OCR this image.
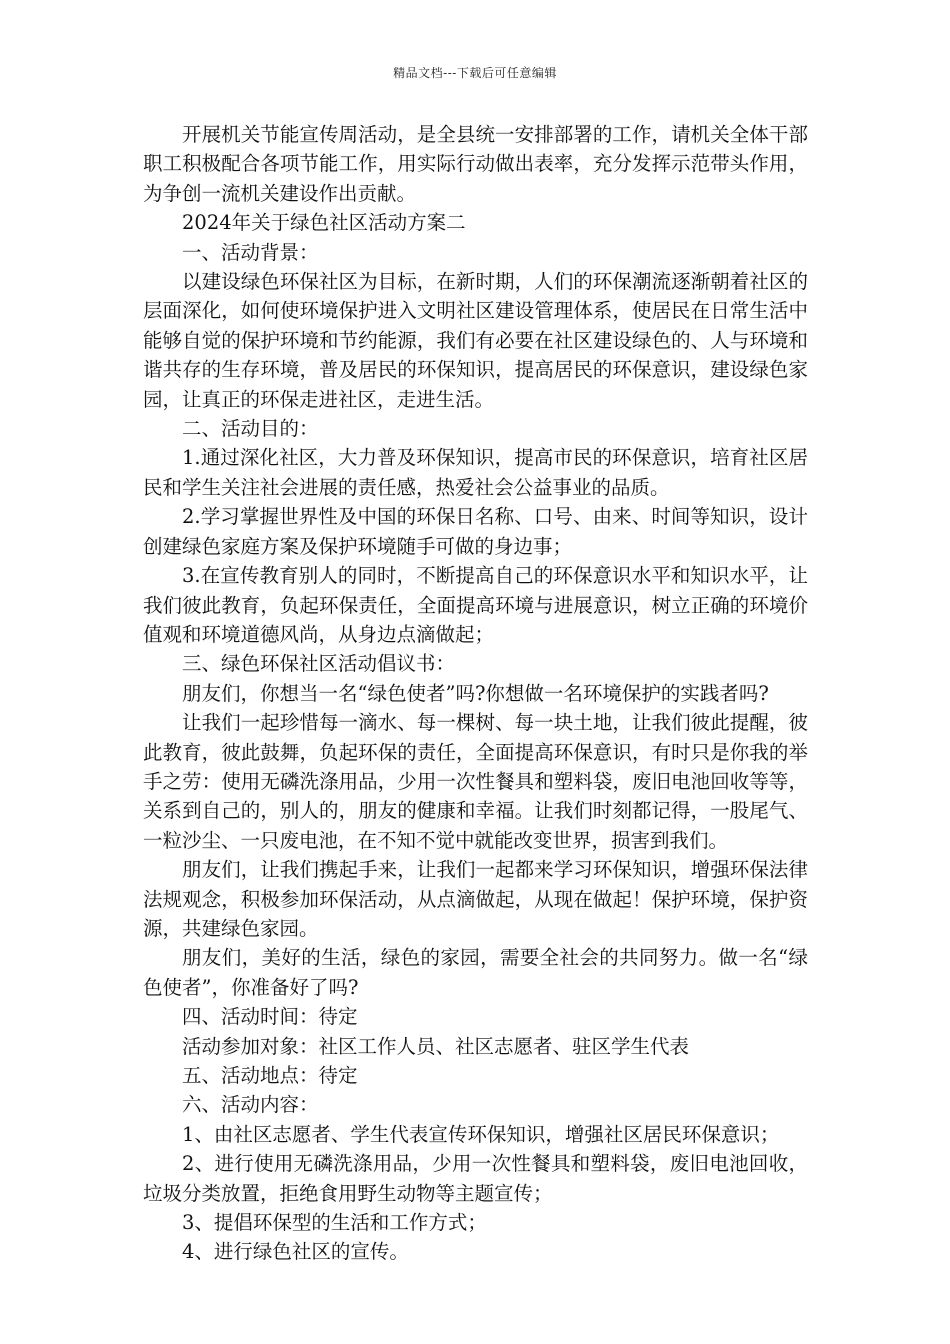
精品文档---下载后可任意编辑

开展机关节能宣传周活动，是全县统一安排部署的工作，请机关全体干部职工积极配合各项节能工作，用实际行动做出表率，充分发挥示范带头作用，为争创一流机关建设作出贡献。

2024年关于绿色社区活动方案二

一、活动背景：

以建设绿色环保社区为目标，在新时期，人们的环保潮流逐渐朝着社区的层面深化，如何使环境保护进入文明社区建设管理体系，使居民在日常生活中能够自觉的保护环境和节约能源，我们有必要在社区建设绿色的、人与环境和谐共存的生存环境，普及居民的环保知识，提高居民的环保意识，建设绿色家园，让真正的环保走进社区，走进生活。

二、活动目的：

1.通过深化社区，大力普及环保知识，提高市民的环保意识，培育社区居民和学生关注社会进展的责任感，热爱社会公益事业的品质。

2.学习掌握世界性及中国的环保日名称、口号、由来、时间等知识，设计创建绿色家庭方案及保护环境随手可做的身边事；

3.在宣传教育别人的同时，不断提高自己的环保意识水平和知识水平，让我们彼此教育，负起环保责任，全面提高环境与进展意识，树立正确的环境价值观和环境道德风尚，从身边点滴做起；

三、绿色环保社区活动倡议书：

朋友们，你想当一名“绿色使者”吗?你想做一名环境保护的实践者吗?

让我们一起珍惜每一滴水、每一棵树、每一块土地，让我们彼此提醒，彼此教育，彼此鼓舞，负起环保的责任，全面提高环保意识，有时只是你我的举手之劳：使用无磷洗涤用品，少用一次性餐具和塑料袋，废旧电池回收等等，关系到自己的，别人的，朋友的健康和幸福。让我们时刻都记得，一股尾气、一粒沙尘、一只废电池，在不知不觉中就能改变世界，损害到我们。

朋友们，让我们携起手来，让我们一起都来学习环保知识，增强环保法律法规观念，积极参加环保活动，从点滴做起，从现在做起！保护环境，保护资源，共建绿色家园。

朋友们，美好的生活，绿色的家园，需要全社会的共同努力。做一名“绿色使者”，你准备好了吗?

四、活动时间：待定

活动参加对象：社区工作人员、社区志愿者、驻区学生代表

五、活动地点：待定

六、活动内容：

1、由社区志愿者、学生代表宣传环保知识，增强社区居民环保意识；

2、进行使用无磷洗涤用品，少用一次性餐具和塑料袋，废旧电池回收，垃圾分类放置，拒绝食用野生动物等主题宣传；

3、提倡环保型的生活和工作方式；

4、进行绿色社区的宣传。
